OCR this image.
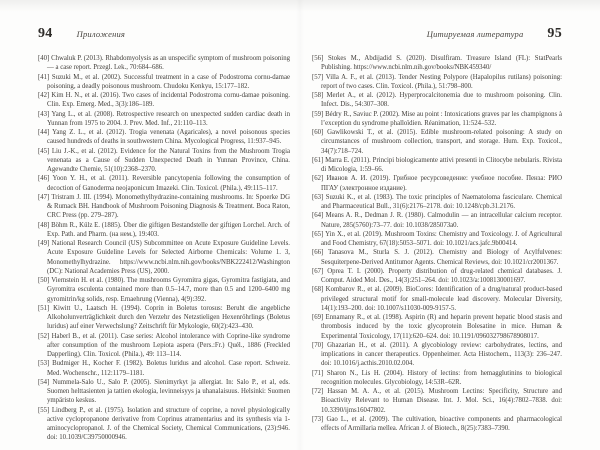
94	Приложения
[40] Chwaluk P. (2013). Rhabdomyolysis as an unspecific symptom of mushroom poisoning — a case report. Przegl. Lek., 70:684–686.
[41] Suzuki M., et al. (2002). Successful treatment in a case of Podostroma cornu-damae poisoning, a deadly poisonous mushroom. Chudoku Kenkyu, 15:177–182.
[42] Kim H. N., et al. (2016). Two cases of incidental Podostroma cornu-damae poisoning. Clin. Exp. Emerg. Med., 3(3):186–189.
[43] Yang L., et al. (2008). Retrospective research on unexpected sudden cardiac death in Yunnan from 1975 to 2004. J. Prev. Med. Inf., 21:110–113.
[44] Yang Z. L., et al. (2012). Trogia venenata (Agaricales), a novel poisonous species caused hundreds of deaths in southwestern China. Mycological Progress, 11:937–945.
[45] Liu J.-K., et al. (2012). Evidence for the Natural Toxins from the Mushroom Trogia venenata as a Cause of Sudden Unexpected Death in Yunnan Province, China. Agewandte Chemie, 51(10):2368–2370.
[46] Yoon Y. H., et al. (2011). Reversible pancytopenia following the consumption of decoction of Ganoderma neojaponicum Imazeki. Clin. Toxicol. (Phila.), 49:115–117.
[47] Tristram J. III. (1994). Monomethylhydrazine-containing mushrooms. In: Spoerke DG & Rumack BH. Handbook of Mushroom Poisoning Diagnosis & Treatment. Boca Raton, CRC Press (pp. 279–287).
[48] Böhm R., Külz E. (1885). Über die giftigen Bestandstelle der giftigen Lorchel. Arch. of Exp. Path. and Pharm. (на нем.), 19:403.
[49] National Research Council (US) Subcommittee on Acute Exposure Guideline Levels. Acute Exposure Guideline Levels for Selected Airborne Chemicals: Volume 1. 3, Monomethylhydrazine. https://www.ncbi.nlm.nih.gov/books/NBK222412/Washington (DC): National Academies Press (US), 2000.
[50] Viernstein H. et al. (1980). The mushrooms Gyromitra gigas, Gyromitra fastigiata, and Gyromitra esculenta contained more than 0.5–14.7, more than 0.5 and 1200–6400 mg gyromitrin/kg solids, resp. Ernaehrung (Vienna), 4(9):392.
[51] Kiwitt U., Laatsch H. (1994). Coprin in Boletus torosus: Beruht die angebliche Alkoholunverträglichkeit durch den Verzehr des Netzstieligen Hexenröhrlings (Boletus luridus) auf einer Verwechslung? Zeitschrift für Mykologie, 60(2):423–430.
[52] Haberl B., et al. (2011). Case series: Alcohol intolerance with Coprine-like syndrome after consumption of the mushroom Lepiota aspera (Pers.:Fr.) Quél., 1886 (Freckled Dapperling). Clin. Toxicol. (Phila.), 49: 113–114.
[53] Budmiger H., Kocher F. (1982). Boletus luridus and alcohol. Case report. Schweiz. Med. Wochenschr., 112:1179–1181.
[54] Nummela-Salo U., Salo P. (2005). Sienimyrkyt ja allergiat. In: Salo P., et al, eds. Suomen helttasienten ja tattien ekologia, levinneisyys ja uhanalaisuus. Helsinki: Suomen ympäristo keskus.
[55] Lindberg P., et al. (1975). Isolation and structure of coprine, a novel physiologically active cyclopropanone derivative from Coprinus atramentarius and its synthesis via 1-aminocyclopropanol. J. of the Chemical Society, Chemical Communications, (23):946. doi: 10.1039/C39750000946.
Цитируемая литература 95
[56] Stokes M., Abdijadid S. (2020). Disulfiram. Treasure Island (FL): StatPearls Publishing. https://www.ncbi.nlm.nih.gov/books/NBK459340/
[57] Villa A. F., et al. (2013). Tender Nesting Polypore (Hapalopilus rutilans) poisoning: report of two cases. Clin. Toxicol. (Phila.), 51:798–800.
[58] Merlet A., et al. (2012). Hyperprocalcitonemia due to mushroom poisoning. Clin. Infect. Dis., 54:307–308.
[59] Bédry R., Saviuc P. (2002). Mise au point : Intoxications graves par les champignons à l’exception du syndrome phalloïdien. Réanimation, 11:524–532.
[60] Gawlikowski T., et al. (2015). Edible mushroom-related poisoning: A study on circumstances of mushroom collection, transport, and storage. Hum. Exp. Toxicol., 34(7):718–724.
[61] Marra E. (2011). Principi biologicamente attivi presenti in Clitocybe nebularis. Rivista di Micologia, 1:59–66.
[62] Иванов А. И. (2019). Грибное ресурсоведение: учебное пособие. Пенза: РИО ПГАУ (электронное издание).
[63] Suzuki K., et al. (1983). The toxic principles of Naematoloma fasciculare. Chemical and Pharmaceutical Bull., 31(6):2176–2178. doi: 10.1248/cpb.31.2176.
[64] Means A. R., Dedman J. R. (1980). Calmodulin — an intracellular calcium receptor. Nature, 285(5760):73–77. doi: 10.1038/285073a0.
[65] Yin X., et al. (2019). Mushroom Toxins: Chemistry and Toxicology. J. of Agricultural and Food Chemistry, 67(18):5053–5071. doi: 10.1021/acs.jafc.9b00414.
[66] Tanasova M., Sturla S. J. (2012). Chemistry and Biology of Acylfulvenes: Sesquiterpene-Derived Antitumor Agents. Chemical Reviews, doi: 10.1021/cr2001367.
[67] Oprea T. I. (2000). Property distribution of drug-related chemical databases. J. Comput. Aided Mol. Des., 14(3):251–264. doi: 10.1023/a:1008130001697.
[68] Kombarov R., et al. (2009). BioCores: Identification of a drug/natural product-based privileged structural motif for small-molecule lead discovery. Molecular Diversity, 14(1):193–200. doi: 10.1007/s11030-009-9157-5.
[69] Ennamany R., et al. (1998). Aspirin (R) and heparin prevent hepatic blood stasis and thrombosis induced by the toxic glycoprotein Bolesatine in mice. Human & Experimental Toxicology, 17(11):620–624. doi: 10.1191/096032798678908017.
[70] Ghazarian H., et al. (2011). A glycobiology review: carbohydrates, lectins, and implications in cancer therapeutics. Oppenheimer. Acta Histochem., 113(3): 236–247. doi: 10.1016/j.acthis.2010.02.004.
[71] Sharon N., Lis H. (2004). History of lectins: from hemagglutinins to biological recognition molecules. Glycobiology, 14:53R–62R.
[72] Hassan M. A. A., et al. (2015). Mushroom Lectins: Specificity, Structure and Bioactivity Relevant to Human Disease. Int. J. Mol. Sci., 16(4):7802–7838. doi: 10.3390/ijms16047802.
[73] Gao L., et al. (2009). The cultivation, bioactive components and pharmacological effects of Armillaria mellea. African J. of Biotech., 8(25):7383–7390.
